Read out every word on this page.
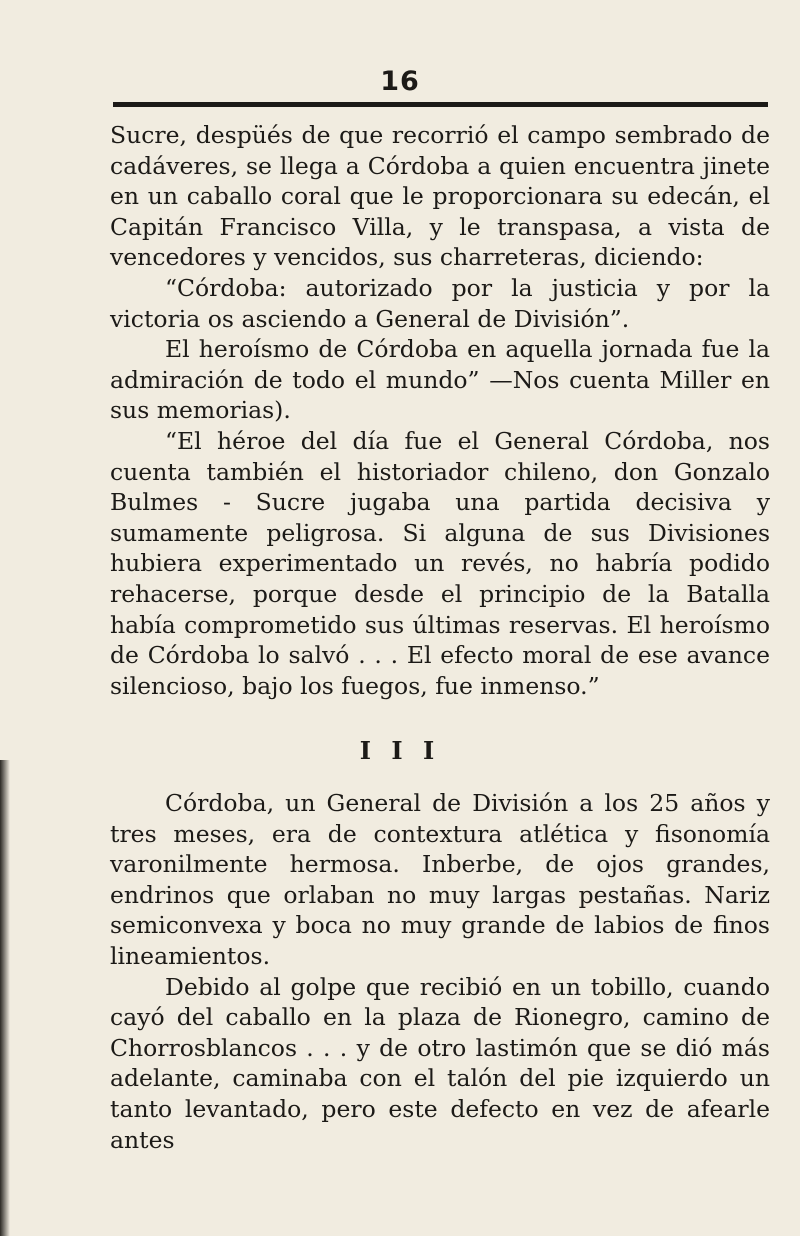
16

Sucre, despüés de que recorrió el campo sembrado de cadáveres, se llega a Córdoba a quien encuentra jinete en un caballo coral que le proporcionara su edecán, el Capitán Francisco Villa, y le transpasa, a vista de vencedores y vencidos, sus charreteras, diciendo:

“Córdoba: autorizado por la justicia y por la victoria os asciendo a General de División”.

El heroísmo de Córdoba en aquella jornada fue la admiración de todo el mundo” —Nos cuenta Miller en sus memorias).

“El héroe del día fue el General Córdoba, nos cuenta también el historiador chileno, don Gonzalo Bulmes - Sucre jugaba una partida decisiva y sumamente peligrosa. Si alguna de sus Divisiones hubiera experimentado un revés, no habría podido rehacerse, porque desde el principio de la Batalla había comprometido sus últimas reservas. El heroísmo de Córdoba lo salvó . . . El efecto moral de ese avance silencioso, bajo los fuegos, fue inmenso.”

I I I

Córdoba, un General de División a los 25 años y tres meses, era de contextura atlética y fisonomía varonilmente hermosa. Inberbe, de ojos grandes, endrinos que orlaban no muy largas pestañas. Nariz semiconvexa y boca no muy grande de labios de finos lineamientos.

Debido al golpe que recibió en un tobillo, cuando cayó del caballo en la plaza de Rionegro, camino de Chorrosblancos . . . y de otro lastimón que se dió más adelante, caminaba con el talón del pie izquierdo un tanto levantado, pero este defecto en vez de afearle antes
